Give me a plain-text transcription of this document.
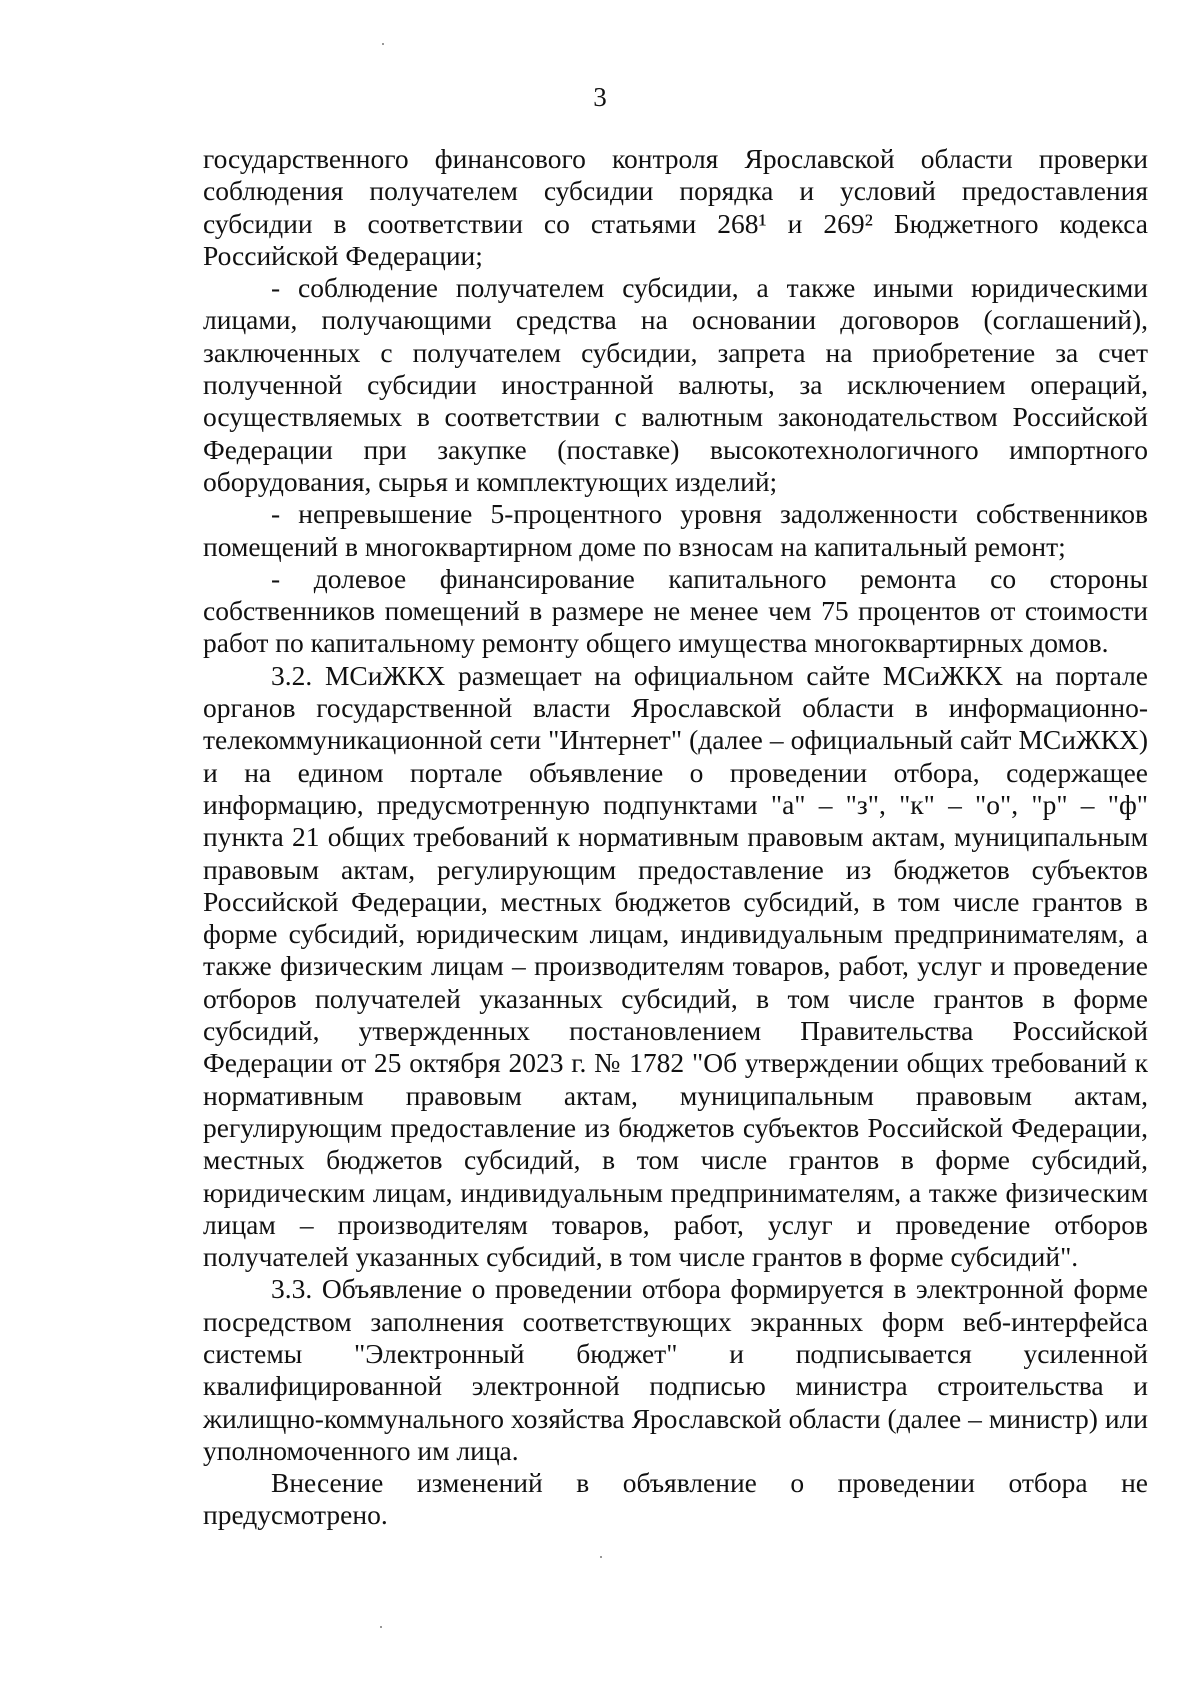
3

государственного финансового контроля Ярославской области проверки соблюдения получателем субсидии порядка и условий предоставления субсидии в соответствии со статьями 268¹ и 269² Бюджетного кодекса Российской Федерации;

- соблюдение получателем субсидии, а также иными юридическими лицами, получающими средства на основании договоров (соглашений), заключенных с получателем субсидии, запрета на приобретение за счет полученной субсидии иностранной валюты, за исключением операций, осуществляемых в соответствии с валютным законодательством Российской Федерации при закупке (поставке) высокотехнологичного импортного оборудования, сырья и комплектующих изделий;

- непревышение 5-процентного уровня задолженности собственников помещений в многоквартирном доме по взносам на капитальный ремонт;

- долевое финансирование капитального ремонта со стороны собственников помещений в размере не менее чем 75 процентов от стоимости работ по капитальному ремонту общего имущества многоквартирных домов.

3.2. МСиЖКХ размещает на официальном сайте МСиЖКХ на портале органов государственной власти Ярославской области в информационно-телекоммуникационной сети "Интернет" (далее – официальный сайт МСиЖКХ) и на едином портале объявление о проведении отбора, содержащее информацию, предусмотренную подпунктами "а" – "з", "к" – "о", "р" – "ф" пункта 21 общих требований к нормативным правовым актам, муниципальным правовым актам, регулирующим предоставление из бюджетов субъектов Российской Федерации, местных бюджетов субсидий, в том числе грантов в форме субсидий, юридическим лицам, индивидуальным предпринимателям, а также физическим лицам – производителям товаров, работ, услуг и проведение отборов получателей указанных субсидий, в том числе грантов в форме субсидий, утвержденных постановлением Правительства Российской Федерации от 25 октября 2023 г. № 1782 "Об утверждении общих требований к нормативным правовым актам, муниципальным правовым актам, регулирующим предоставление из бюджетов субъектов Российской Федерации, местных бюджетов субсидий, в том числе грантов в форме субсидий, юридическим лицам, индивидуальным предпринимателям, а также физическим лицам – производителям товаров, работ, услуг и проведение отборов получателей указанных субсидий, в том числе грантов в форме субсидий".

3.3. Объявление о проведении отбора формируется в электронной форме посредством заполнения соответствующих экранных форм веб-интерфейса системы "Электронный бюджет" и подписывается усиленной квалифицированной электронной подписью министра строительства и жилищно-коммунального хозяйства Ярославской области (далее – министр) или уполномоченного им лица.

Внесение изменений в объявление о проведении отбора не предусмотрено.
